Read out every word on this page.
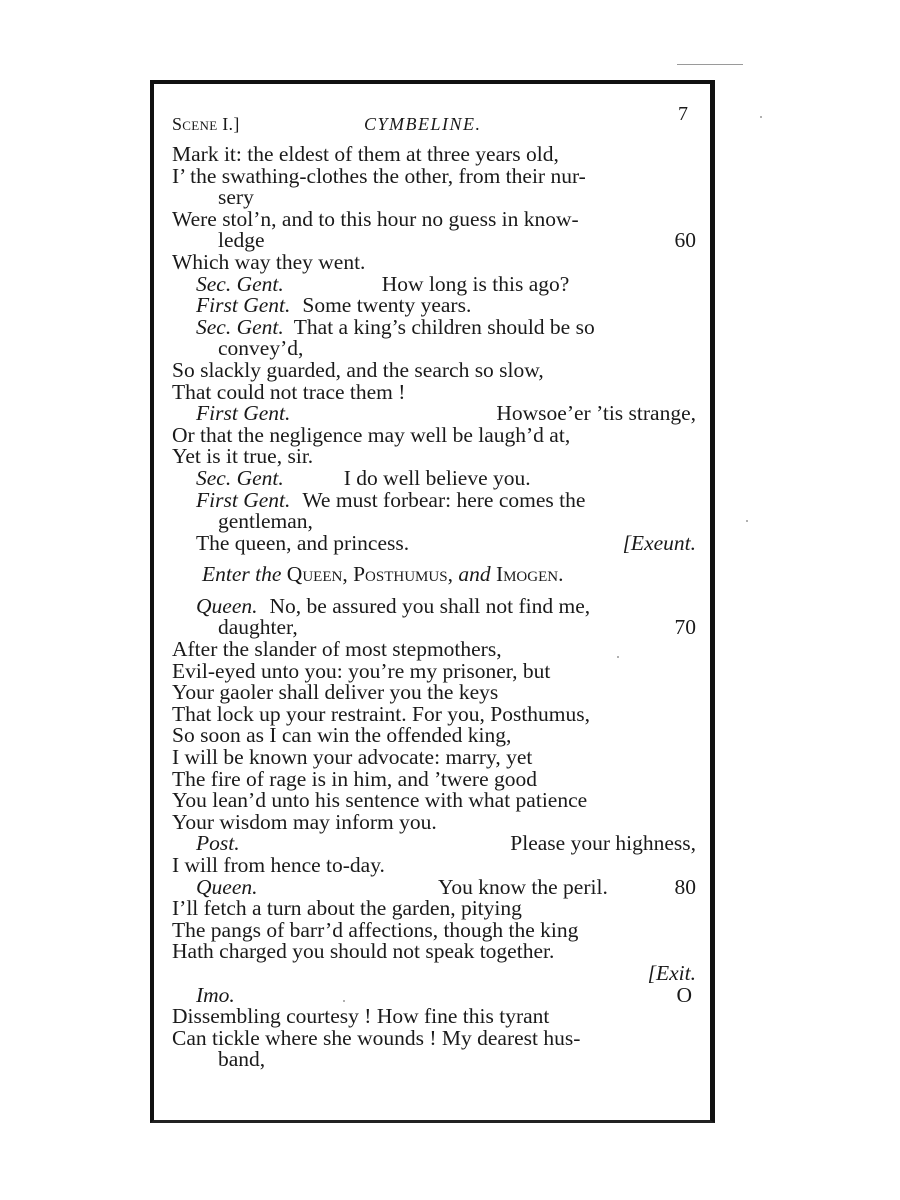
Scene I.]	CYMBELINE.	7
Mark it: the eldest of them at three years old,
I’ the swathing-clothes the other, from their nur-
sery
Were stol’n, and to this hour no guess in know-
ledge	60
Which way they went.
Sec. Gent.	How long is this ago?
First Gent. Some twenty years.
Sec. Gent. That a king’s children should be so
convey’d,
So slackly guarded, and the search so slow,
That could not trace them !
First Gent.	Howsoe’er ’tis strange,
Or that the negligence may well be laugh’d at,
Yet is it true, sir.
Sec. Gent.	I do well believe you.
First Gent. We must forbear: here comes the
gentleman,
The queen, and princess.	[Exeunt.
Enter the Queen, Posthumus, and Imogen.
Queen. No, be assured you shall not find me,
daughter,	70
After the slander of most stepmothers,
Evil-eyed unto you: you’re my prisoner, but
Your gaoler shall deliver you the keys
That lock up your restraint. For you, Posthumus,
So soon as I can win the offended king,
I will be known your advocate: marry, yet
The fire of rage is in him, and ’twere good
You lean’d unto his sentence with what patience
Your wisdom may inform you.
Post.	Please your highness,
I will from hence to-day.
Queen.	You know the peril.	80
I’ll fetch a turn about the garden, pitying
The pangs of barr’d affections, though the king
Hath charged you should not speak together.
[Exit.
Imo.	O
Dissembling courtesy ! How fine this tyrant
Can tickle where she wounds ! My dearest hus-
band,
